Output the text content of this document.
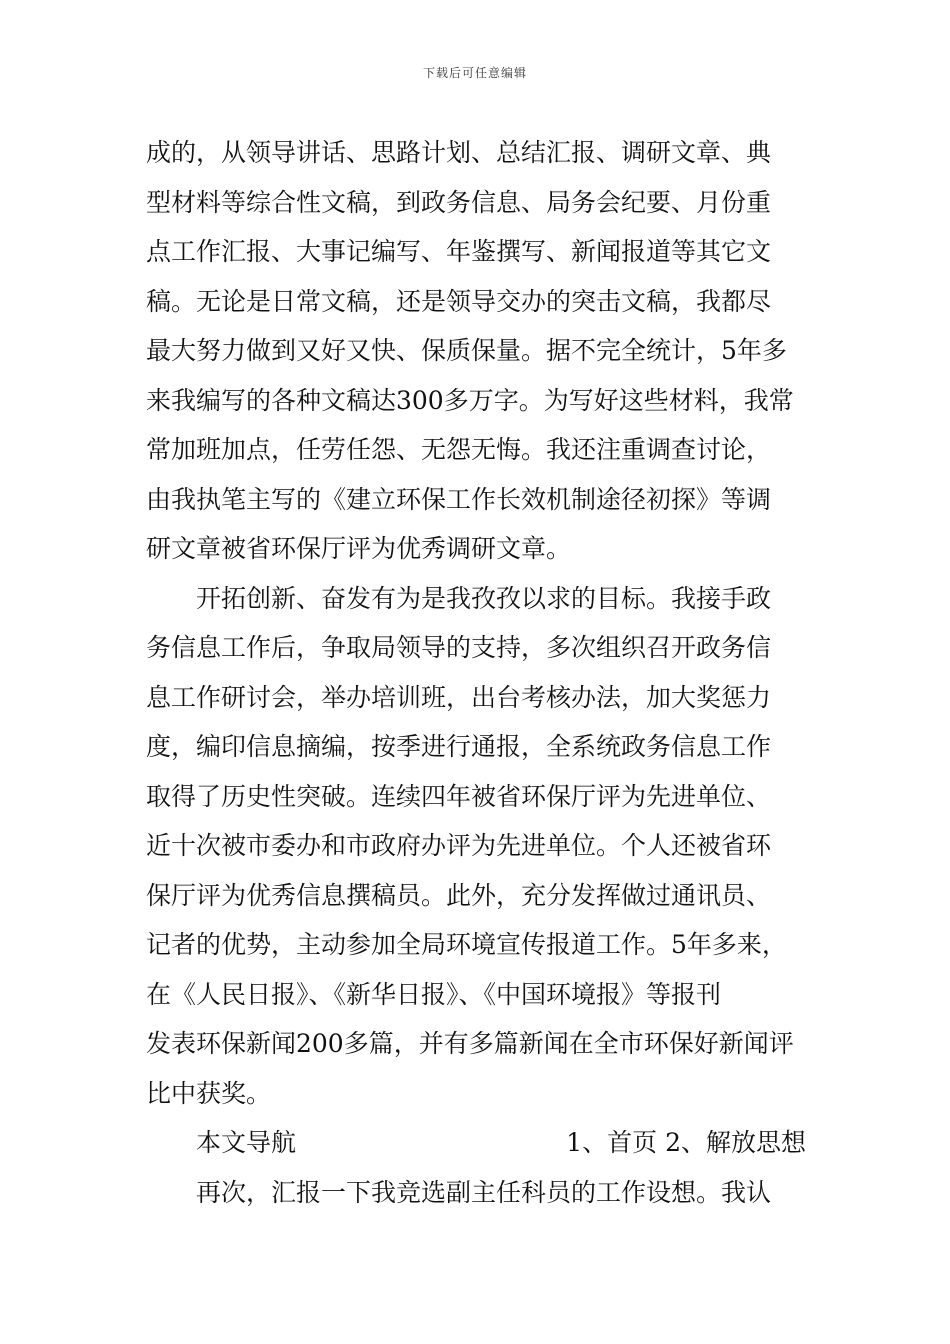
下载后可任意编辑
成的，从领导讲话、思路计划、总结汇报、调研文章、典
型材料等综合性文稿，到政务信息、局务会纪要、月份重
点工作汇报、大事记编写、年鉴撰写、新闻报道等其它文
稿。无论是日常文稿，还是领导交办的突击文稿，我都尽
最大努力做到又好又快、保质保量。据不完全统计，5年多
来我编写的各种文稿达300多万字。为写好这些材料，我常
常加班加点，任劳任怨、无怨无悔。我还注重调查讨论，
由我执笔主写的《建立环保工作长效机制途径初探》等调
研文章被省环保厅评为优秀调研文章。
开拓创新、奋发有为是我孜孜以求的目标。我接手政
务信息工作后，争取局领导的支持，多次组织召开政务信
息工作研讨会，举办培训班，出台考核办法，加大奖惩力
度，编印信息摘编，按季进行通报，全系统政务信息工作
取得了历史性突破。连续四年被省环保厅评为先进单位、
近十次被市委办和市政府办评为先进单位。个人还被省环
保厅评为优秀信息撰稿员。此外，充分发挥做过通讯员、
记者的优势，主动参加全局环境宣传报道工作。5年多来，
在《人民日报》、《新华日报》、《中国环境报》等报刊
发表环保新闻200多篇，并有多篇新闻在全市环保好新闻评
比中获奖。
本文导航	1、首页 2、解放思想
再次，汇报一下我竞选副主任科员的工作设想。我认
